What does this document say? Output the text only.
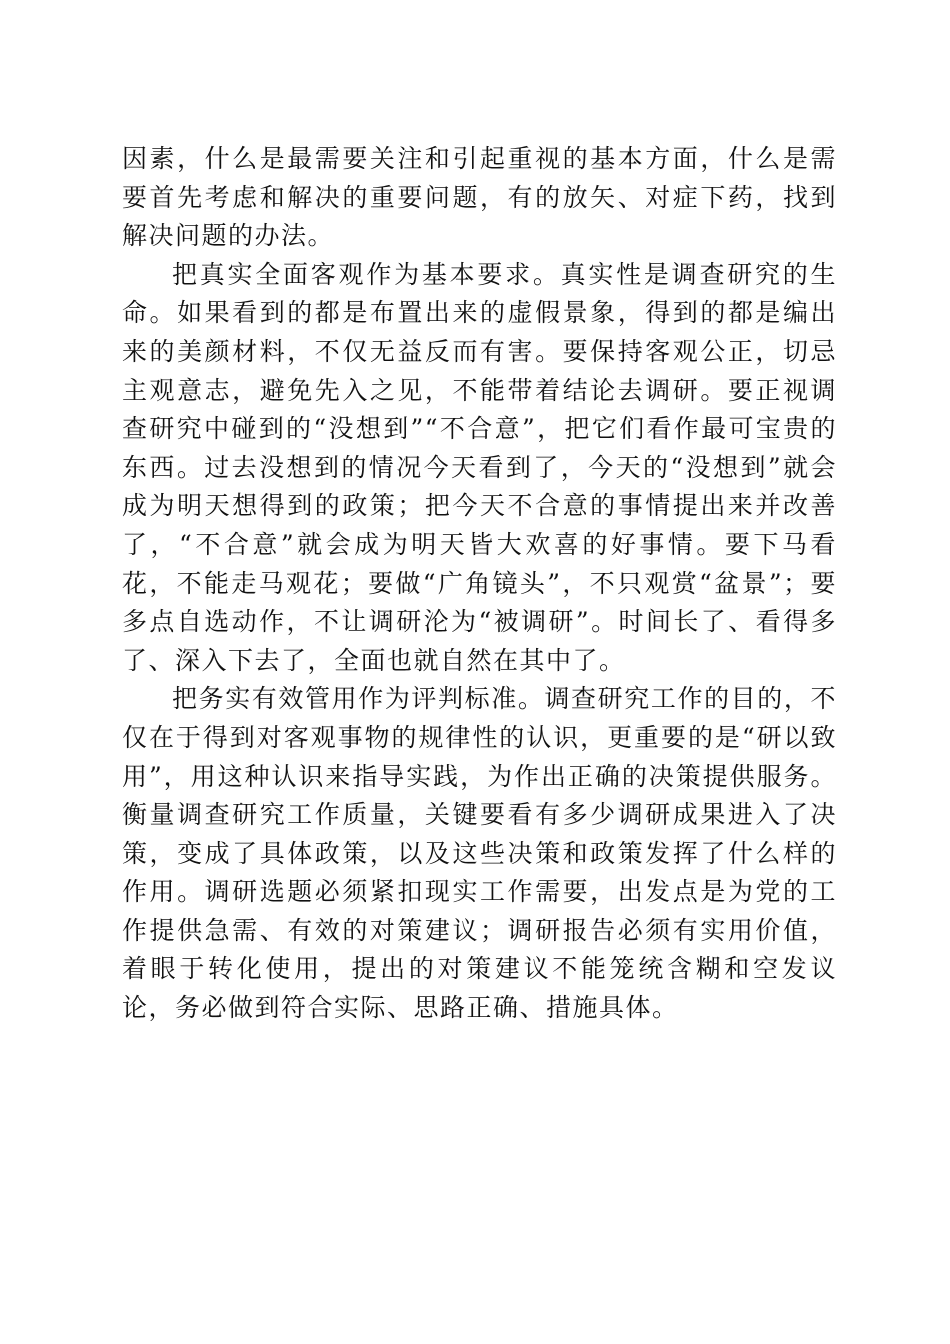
因素，什么是最需要关注和引起重视的基本方面，什么是需要首先考虑和解决的重要问题，有的放矢、对症下药，找到解决问题的办法。

把真实全面客观作为基本要求。真实性是调查研究的生命。如果看到的都是布置出来的虚假景象，得到的都是编出来的美颜材料，不仅无益反而有害。要保持客观公正，切忌主观意志，避免先入之见，不能带着结论去调研。要正视调查研究中碰到的“没想到”“不合意”，把它们看作最可宝贵的东西。过去没想到的情况今天看到了，今天的“没想到”就会成为明天想得到的政策；把今天不合意的事情提出来并改善了，“不合意”就会成为明天皆大欢喜的好事情。要下马看花，不能走马观花；要做“广角镜头”，不只观赏“盆景”；要多点自选动作，不让调研沦为“被调研”。时间长了、看得多了、深入下去了，全面也就自然在其中了。

把务实有效管用作为评判标准。调查研究工作的目的，不仅在于得到对客观事物的规律性的认识，更重要的是“研以致用”，用这种认识来指导实践，为作出正确的决策提供服务。衡量调查研究工作质量，关键要看有多少调研成果进入了决策，变成了具体政策，以及这些决策和政策发挥了什么样的作用。调研选题必须紧扣现实工作需要，出发点是为党的工作提供急需、有效的对策建议；调研报告必须有实用价值，着眼于转化使用，提出的对策建议不能笼统含糊和空发议论，务必做到符合实际、思路正确、措施具体。
